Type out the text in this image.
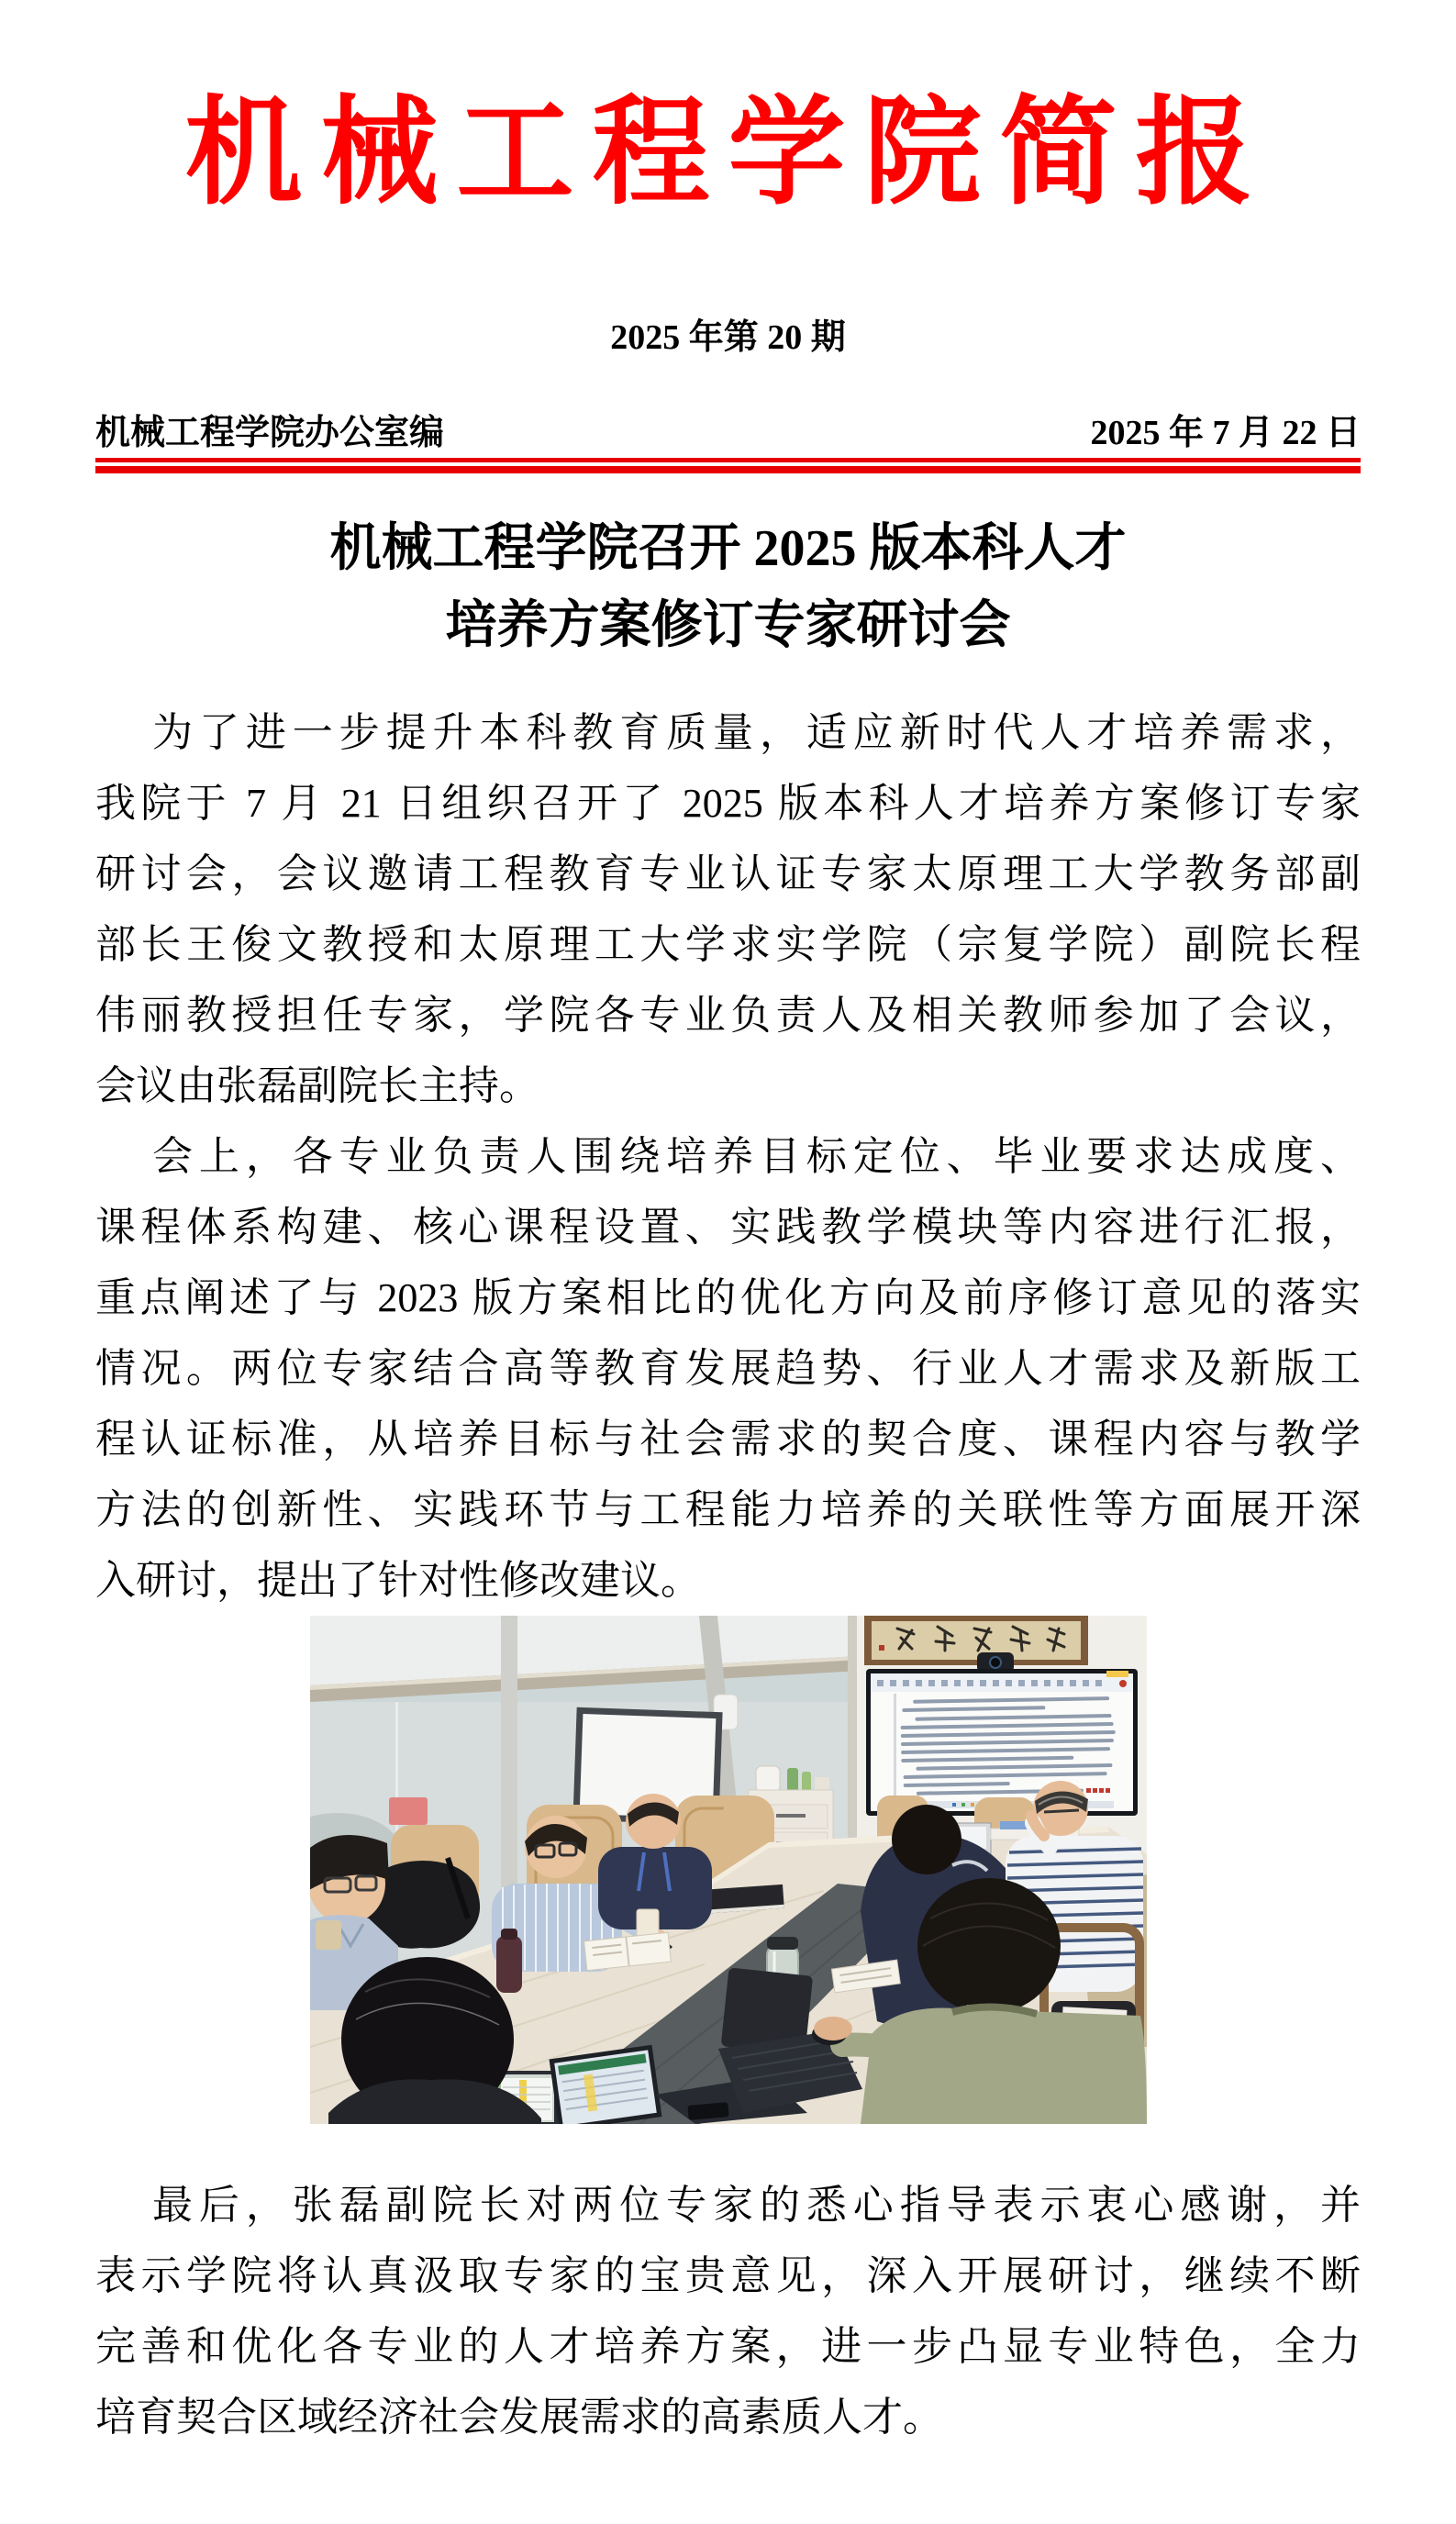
机械工程学院简报
2025 年第 20 期
机械工程学院办公室编	2025 年 7 月 22 日
机械工程学院召开 2025 版本科人才
培养方案修订专家研讨会
为了进一步提升本科教育质量，适应新时代人才培养需求，
我院于 7 月 21 日组织召开了 2025 版本科人才培养方案修订专家
研讨会，会议邀请工程教育专业认证专家太原理工大学教务部副
部长王俊文教授和太原理工大学求实学院（宗复学院）副院长程
伟丽教授担任专家，学院各专业负责人及相关教师参加了会议，
会议由张磊副院长主持。
会上，各专业负责人围绕培养目标定位、毕业要求达成度、
课程体系构建、核心课程设置、实践教学模块等内容进行汇报，
重点阐述了与 2023 版方案相比的优化方向及前序修订意见的落实
情况。两位专家结合高等教育发展趋势、行业人才需求及新版工
程认证标准，从培养目标与社会需求的契合度、课程内容与教学
方法的创新性、实践环节与工程能力培养的关联性等方面展开深
入研讨，提出了针对性修改建议。
最后，张磊副院长对两位专家的悉心指导表示衷心感谢，并
表示学院将认真汲取专家的宝贵意见，深入开展研讨，继续不断
完善和优化各专业的人才培养方案，进一步凸显专业特色，全力
培育契合区域经济社会发展需求的高素质人才。
